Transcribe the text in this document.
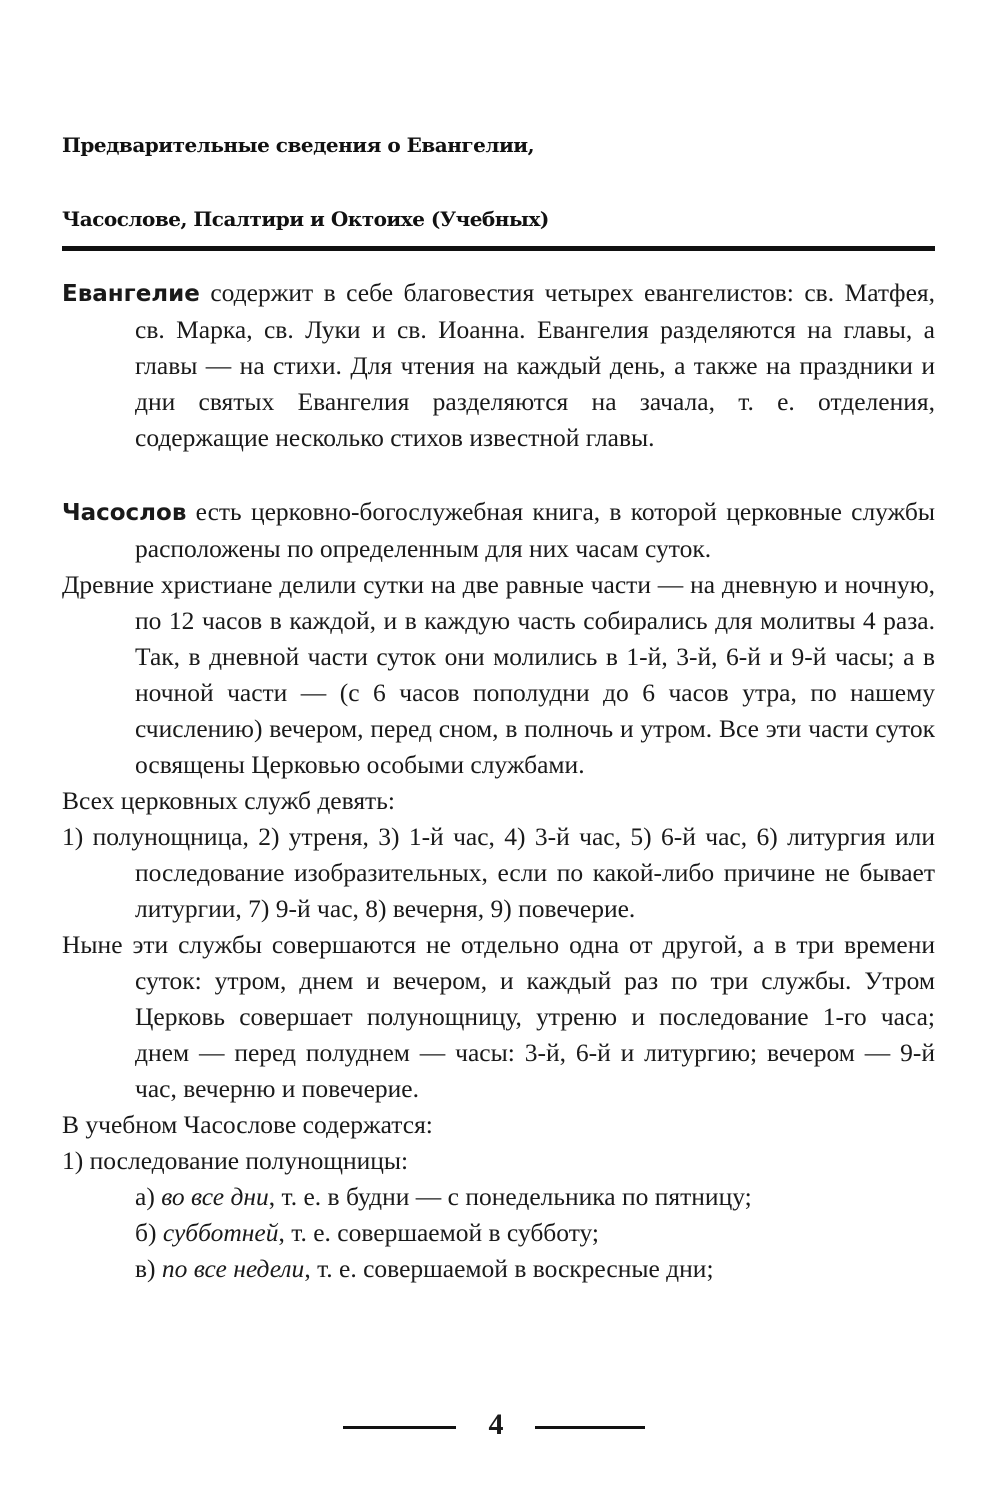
Предварительные сведения о Евангелии,
Часослове, Псалтири и Октоихе (Учебных)

Евангелие содержит в себе благовестия четырех евангелистов: св. Матфея, св. Марка, св. Луки и св. Иоанна. Евангелия разделяются на главы, а главы — на стихи. Для чтения на каждый день, а также на праздники и дни святых Евангелия разделяются на зачала, т. е. отделения, содержащие несколько стихов известной главы.

Часослов есть церковно-богослужебная книга, в которой церковные службы расположены по определенным для них часам суток.

Древние христиане делили сутки на две равные части — на дневную и ночную, по 12 часов в каждой, и в каждую часть собирались для молитвы 4 раза. Так, в дневной части суток они молились в 1-й, 3-й, 6-й и 9-й часы; а в ночной части — (с 6 часов пополудни до 6 часов утра, по нашему счислению) вечером, перед сном, в полночь и утром. Все эти части суток освящены Церковью особыми службами.

Всех церковных служб девять:

1) полунощница, 2) утреня, 3) 1-й час, 4) 3-й час, 5) 6-й час, 6) литургия или последование изобразительных, если по какой-либо причине не бывает литургии, 7) 9-й час, 8) вечерня, 9) повечерие.

Ныне эти службы совершаются не отдельно одна от другой, а в три времени суток: утром, днем и вечером, и каждый раз по три службы. Утром Церковь совершает полунощницу, утреню и последование 1-го часа; днем — перед полуднем — часы: 3-й, 6-й и литургию; вечером — 9-й час, вечерню и повечерие.

В учебном Часослове содержатся:

1) последование полунощницы:

а) во все дни, т. е. в будни — с понедельника по пятницу;

б) субботней, т. е. совершаемой в субботу;

в) по все недели, т. е. совершаемой в воскресные дни;

4
